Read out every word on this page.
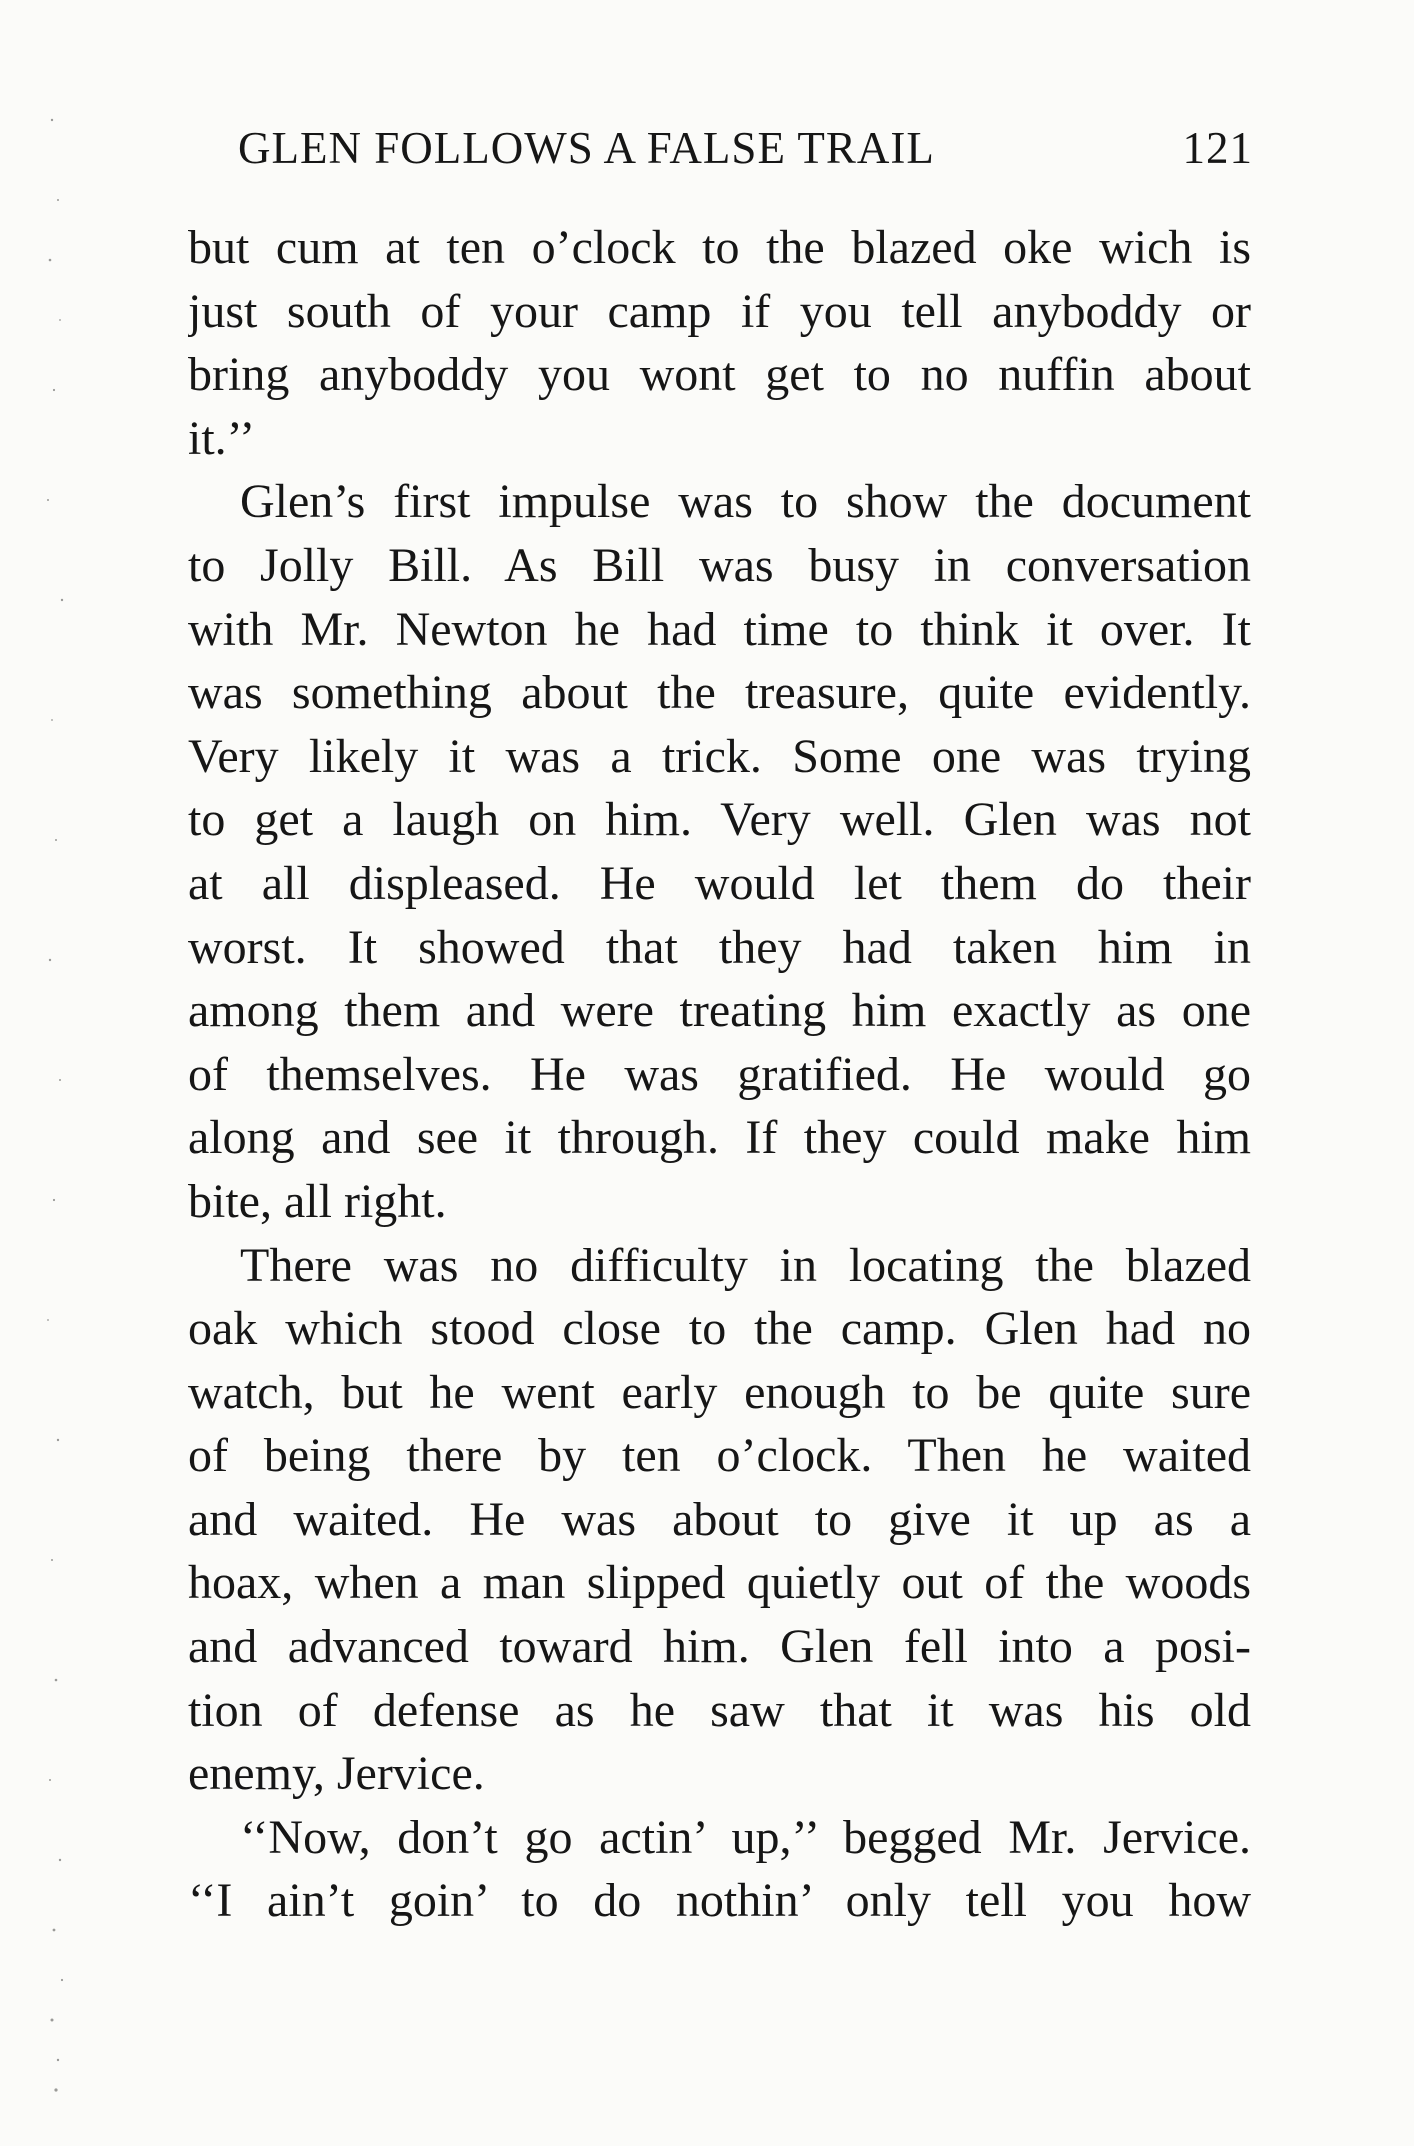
GLEN FOLLOWS A FALSE TRAIL	121
but cum at ten o’clock to the blazed oke wich is
just south of your camp if you tell anyboddy or
bring anyboddy you wont get to no nuffin about
it.’’
Glen’s first impulse was to show the document
to Jolly Bill. As Bill was busy in conversation
with Mr. Newton he had time to think it over. It
was something about the treasure, quite evidently.
Very likely it was a trick. Some one was trying
to get a laugh on him. Very well. Glen was not
at all displeased. He would let them do their
worst. It showed that they had taken him in
among them and were treating him exactly as one
of themselves. He was gratified. He would go
along and see it through. If they could make him
bite, all right.
There was no difficulty in locating the blazed
oak which stood close to the camp. Glen had no
watch, but he went early enough to be quite sure
of being there by ten o’clock. Then he waited
and waited. He was about to give it up as a
hoax, when a man slipped quietly out of the woods
and advanced toward him. Glen fell into a posi-
tion of defense as he saw that it was his old
enemy, Jervice.
‘‘Now, don’t go actin’ up,’’ begged Mr. Jervice.
‘‘I ain’t goin’ to do nothin’ only tell you how
